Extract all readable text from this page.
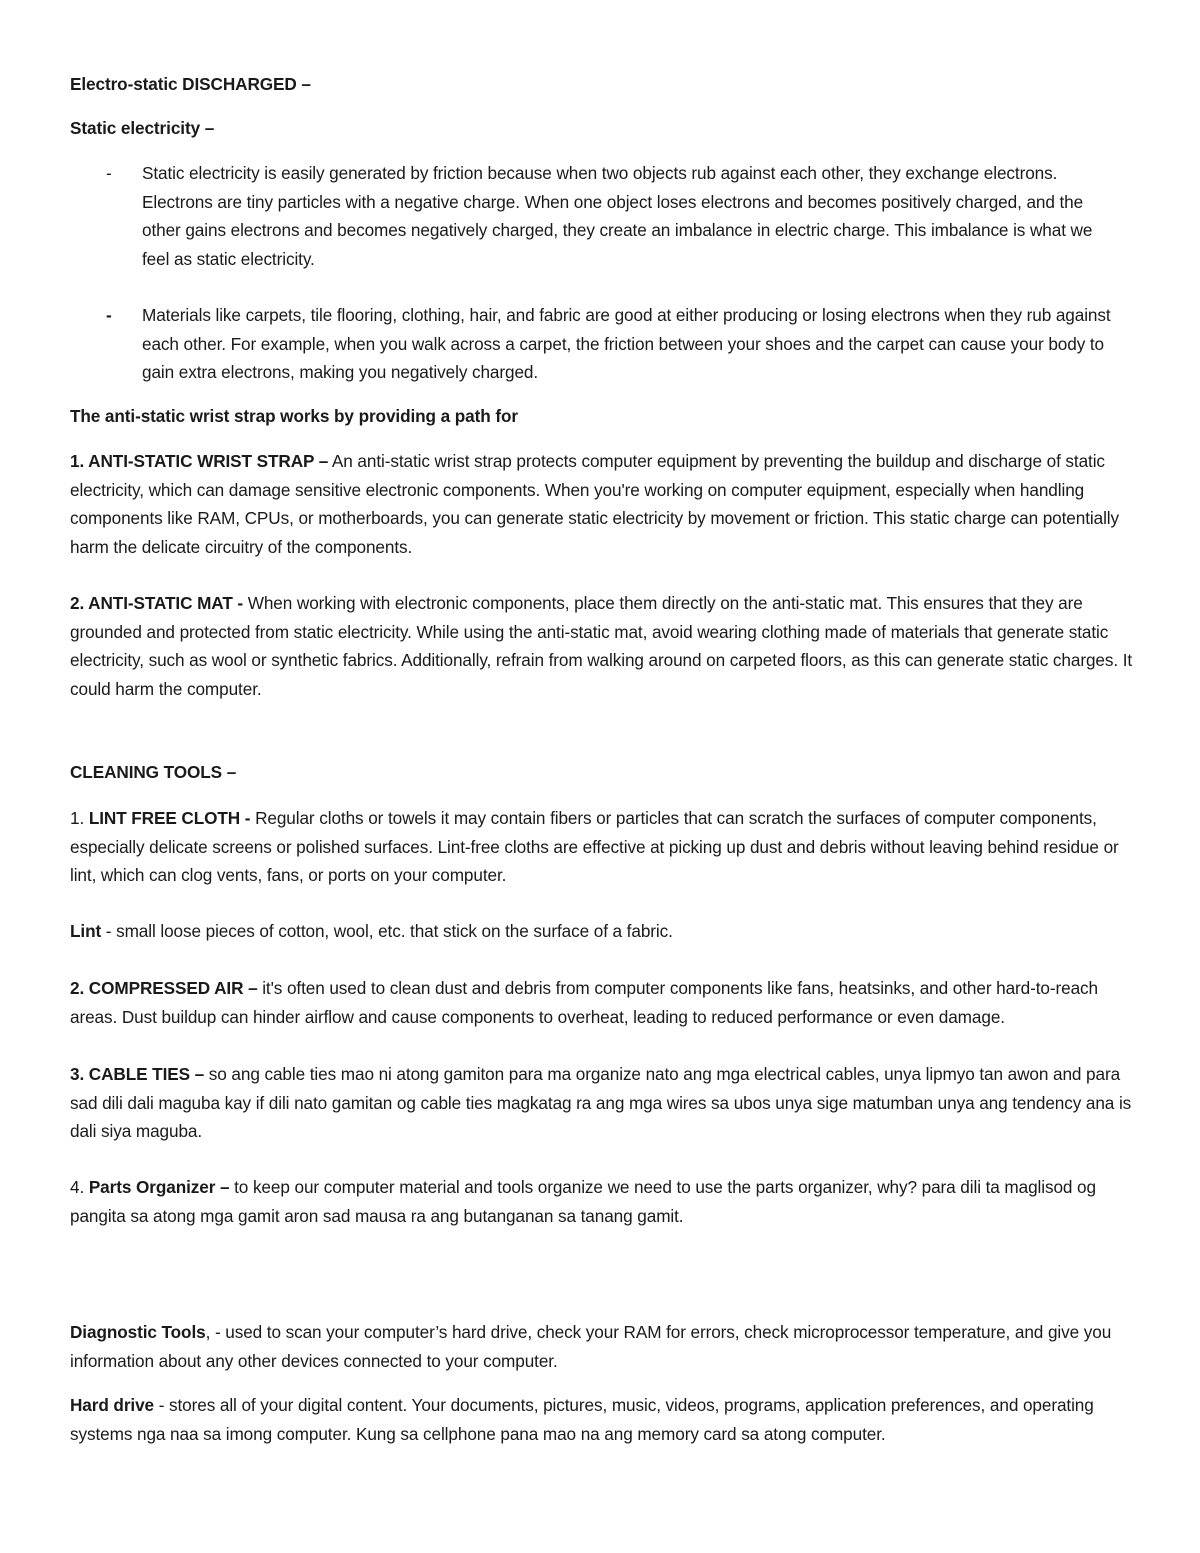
Electro-static DISCHARGED –
Static electricity –
- Static electricity is easily generated by friction because when two objects rub against each other, they exchange electrons. Electrons are tiny particles with a negative charge. When one object loses electrons and becomes positively charged, and the other gains electrons and becomes negatively charged, they create an imbalance in electric charge. This imbalance is what we feel as static electricity.
- Materials like carpets, tile flooring, clothing, hair, and fabric are good at either producing or losing electrons when they rub against each other. For example, when you walk across a carpet, the friction between your shoes and the carpet can cause your body to gain extra electrons, making you negatively charged.
The anti-static wrist strap works by providing a path for

1. ANTI-STATIC WRIST STRAP – An anti-static wrist strap protects computer equipment by preventing the buildup and discharge of static electricity, which can damage sensitive electronic components. When you're working on computer equipment, especially when handling components like RAM, CPUs, or motherboards, you can generate static electricity by movement or friction. This static charge can potentially harm the delicate circuitry of the components.

2. ANTI-STATIC MAT - When working with electronic components, place them directly on the anti-static mat. This ensures that they are grounded and protected from static electricity. While using the anti-static mat, avoid wearing clothing made of materials that generate static electricity, such as wool or synthetic fabrics. Additionally, refrain from walking around on carpeted floors, as this can generate static charges. It could harm the computer.

CLEANING TOOLS –

1. LINT FREE CLOTH - Regular cloths or towels it may contain fibers or particles that can scratch the surfaces of computer components, especially delicate screens or polished surfaces. Lint-free cloths are effective at picking up dust and debris without leaving behind residue or lint, which can clog vents, fans, or ports on your computer.

Lint - small loose pieces of cotton, wool, etc. that stick on the surface of a fabric.

2. COMPRESSED AIR – it's often used to clean dust and debris from computer components like fans, heatsinks, and other hard-to-reach areas. Dust buildup can hinder airflow and cause components to overheat, leading to reduced performance or even damage.

3. CABLE TIES – so ang cable ties mao ni atong gamiton para ma organize nato ang mga electrical cables, unya lipmyo tan awon and para sad dili dali maguba kay if dili nato gamitan og cable ties magkatag ra ang mga wires sa ubos unya sige matumban unya ang tendency ana is dali siya maguba.

4. Parts Organizer – to keep our computer material and tools organize we need to use the parts organizer, why? para dili ta maglisod og pangita sa atong mga gamit aron sad mausa ra ang butanganan sa tanang gamit.

Diagnostic Tools, - used to scan your computer’s hard drive, check your RAM for errors, check microprocessor temperature, and give you information about any other devices connected to your computer.

Hard drive - stores all of your digital content. Your documents, pictures, music, videos, programs, application preferences, and operating systems nga naa sa imong computer. Kung sa cellphone pana mao na ang memory card sa atong computer.
